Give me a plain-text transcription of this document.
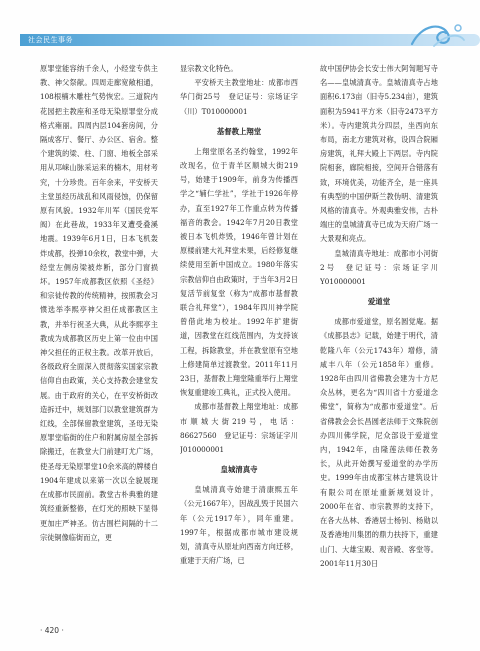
社会民生事务

原罪堂能容纳千余人，小经堂专供主教、神父祭献。四周走廊宽敞相通，108根楠木雕柱气势恢宏。三道院内花园把主教座和圣母无染原罪堂分成格式雍丽。四周内层104套房间，分隔成客厅、餐厅、办公区、宿舍。整个建筑的梁、柱、门窗、地板全部采用从邛崃山脉采运来的楠木，用材考究，十分珍贵。百年余来，平安桥天主堂虽经历战乱和风雨侵蚀，仍保留原有风貌。1932年川军（国民党军阀）在此巷战，1933年叉遭受叠溪地震。1939年6月1日，日本飞机轰炸成都，投弹10余枚，教堂中弹，大经堂左侧房梁被炸断，部分门窗损坏。1957年成都教区依照《圣经》和宗徒传教的传统精神，按照教会习惯选举李熙亭神父担任成都教区主教，并举行祝圣大典，从此李熙亭主教成为成都教区历史上第一位由中国神父担任的正权主教。改革开放后，各级政府全面深入贯彻落实国家宗教信仰自由政策，关心支持教会建堂发展。由于政府的关心，在平安桥街改造拆迁中，规划部门以教堂建筑群为红线，全部保留教堂建筑，圣母无染原罪堂临街的住户和附属房屋全部拆除搬迁，在教堂大门前建叮尤广场，使圣母无染原罪堂10余米高的牌楼自1904年建成以来第一次以全貌展现在成都市民面前。教堂古朴典雅的建筑经重新整修，在灯光的照映下显得更加庄严神圣。仿古围栏间隔的十二宗徒铜像临街而立，更

显宗教文化特色。

平安桥天主教堂地址：成都市西华门街25号　登记证号：宗场证字（川）T010000001

基督教上翔堂

上翔堂原名圣约翰堂，1992年改现名，位于青羊区顺城大街219号，始建于1909年，前身为传播西学之“辅仁学社”，学社于1926年停办，直至1927年工作重点转为传播福音的教会。1942年7月20日教堂被日本飞机炸毁，1946年曾计划在原楼前建大礼拜堂未果，后经修复继续使用至新中国成立。1980年落实宗教信仰自由政策时，于当年3月2日复活节前复堂（称为“成都市基督教联合礼拜堂”），1984年四川神学院曾借此地为校址。1992年扩建街道，因教堂在红线范围内，为支持该工程，拆除教堂，并在教堂原有空地上修建简单过渡教堂。2011年11月23日，基督教上翔堂隆重举行上翔堂恢复重建竣工典礼，正式投入使用。

成都市基督教上翔堂地址：成都市顺城大街219号，电话：86627560　登记证号：宗场证字川J010000001

皇城清真寺

皇城清真寺始建于清康熙五年（公元1667年），因战乱毁于民国六年（公元1917年），同年重建。1997年，根据成都市城市建设规划，清真寺从原址向西南方向迁移，重建于天府广场，已

故中国伊协会长安士伟大阿訇题写寺名——皇城清真寺。皇城清真寺占地面积6.173亩（旧寺5.234亩），建筑面积为5941平方米（旧寺2473平方米）。寺内建筑共分四层，坐西向东布局，南北方建筑对称，设四合院厢房建筑，礼拜大殿上下两层。寺内院院相套，廊院相接，空间开合错落有致，环境优美，功能齐全，是一座具有典型的中国伊斯兰教伪明、清建筑风格的清真寺。外观典雅安伟，古朴端庄的皇城清真寺已成为天府广场一大景观和亮点。

皇城清真寺地址：成都市小河街2号　登记证号：宗场证字川Y010000001

爱道堂

成都市爱道堂，原名圆觉庵。据《成都县志》记载，始建于明代，清乾隆八年（公元1743年）增修，清咸丰八年（公元1858年）重修。1928年由四川省佛教会建为十方尼众丛林，更名为“四川省十方爱道念佛堂”，简称为“成都市爱道堂”。后省佛教会会长昌圆老法师于文殊院创办四川佛学院，尼众部设于爱道堂内，1942年，由隆莲法师任教务长，从此开始撰写爱道堂的办学历史。1999年由成都宝林古建筑设计有限公司在原址重新规划设计，2000年在省、市宗教界的支持下，在各大丛林、香港居士杨钊、杨勋以及香港地川集团的鼎力扶持下，重建山门、大雄宝殿、观音殿、客堂等。2001年11月30日

· 420 ·
